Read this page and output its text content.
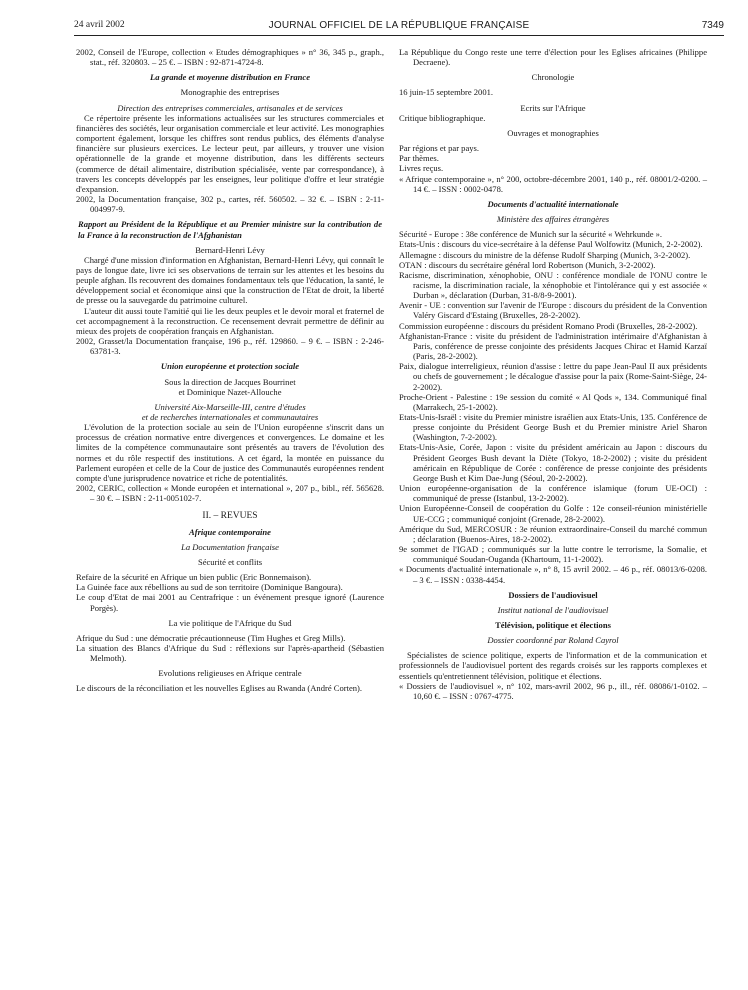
24 avril 2002	JOURNAL OFFICIEL DE LA RÉPUBLIQUE FRANÇAISE	7349

2002, Conseil de l'Europe, collection « Etudes démographiques » n° 36, 345 p., graph., stat., réf. 320803. – 25 €. – ISBN : 92-871-4724-8.

La grande et moyenne distribution en France

Monographie des entreprises

Direction des entreprises commerciales, artisanales et de services

Ce répertoire présente les informations actualisées sur les structures commerciales et financières des sociétés, leur organisation commerciale et leur activité. Les monographies comportent également, lorsque les chiffres sont rendus publics, des éléments d'analyse financière sur plusieurs exercices. Le lecteur peut, par ailleurs, y trouver une vision opérationnelle de la grande et moyenne distribution, dans les différents secteurs (commerce de détail alimentaire, distribution spécialisée, vente par correspondance), à travers les concepts développés par les enseignes, leur politique d'offre et leur stratégie d'expansion.

2002, la Documentation française, 302 p., cartes, réf. 560502. – 32 €. – ISBN : 2-11-004997-9.

Rapport au Président de la République et au Premier ministre sur la contribution de la France à la reconstruction de l'Afghanistan

Bernard-Henri Lévy

Chargé d'une mission d'information en Afghanistan, Bernard-Henri Lévy, qui connaît le pays de longue date, livre ici ses observations de terrain sur les attentes et les besoins du peuple afghan. Ils recouvrent des domaines fondamentaux tels que l'éducation, la santé, le développement social et économique ainsi que la construction de l'Etat de droit, la liberté de presse ou la sauvegarde du patrimoine culturel.

L'auteur dit aussi toute l'amitié qui lie les deux peuples et le devoir moral et fraternel de cet accompagnement à la reconstruction. Ce recensement devrait permettre de définir au mieux des projets de coopération français en Afghanistan.

2002, Grasset/la Documentation française, 196 p., réf. 129860. – 9 €. – ISBN : 2-246-63781-3.

Union européenne et protection sociale

Sous la direction de Jacques Bourrinet

et Dominique Nazet-Allouche

Université Aix-Marseille-III, centre d'études

et de recherches internationales et communautaires

L'évolution de la protection sociale au sein de l'Union européenne s'inscrit dans un processus de création normative entre divergences et convergences. Le domaine et les limites de la compétence communautaire sont présentés au travers de l'évolution des normes et du rôle respectif des institutions. A cet égard, la montée en puissance du Parlement européen et celle de la Cour de justice des Communautés européennes rendent compte d'une jurisprudence novatrice et riche de potentialités.

2002, CERIC, collection « Monde européen et international », 207 p., bibl., réf. 565628. – 30 €. – ISBN : 2-11-005102-7.

II. – REVUES

Afrique contemporaine

La Documentation française

Sécurité et conflits

Refaire de la sécurité en Afrique un bien public (Eric Bonnemaison).

La Guinée face aux rébellions au sud de son territoire (Dominique Bangoura).

Le coup d'Etat de mai 2001 au Centrafrique : un événement presque ignoré (Laurence Porgès).

La vie politique de l'Afrique du Sud

Afrique du Sud : une démocratie précautionneuse (Tim Hughes et Greg Mills).

La situation des Blancs d'Afrique du Sud : réflexions sur l'après-apartheid (Sébastien Melmoth).

Evolutions religieuses en Afrique centrale

Le discours de la réconciliation et les nouvelles Eglises au Rwanda (André Corten).

La République du Congo reste une terre d'élection pour les Eglises africaines (Philippe Decraene).

Chronologie

16 juin-15 septembre 2001.

Ecrits sur l'Afrique

Critique bibliographique.

Ouvrages et monographies

Par régions et par pays.

Par thèmes.

Livres reçus.

« Afrique contemporaine », n° 200, octobre-décembre 2001, 140 p., réf. 08001/2-0200. – 14 €. – ISSN : 0002-0478.

Documents d'actualité internationale

Ministère des affaires étrangères

Sécurité - Europe : 38e conférence de Munich sur la sécurité « Wehrkunde ».

Etats-Unis : discours du vice-secrétaire à la défense Paul Wolfowitz (Munich, 2-2-2002).

Allemagne : discours du ministre de la défense Rudolf Sharping (Munich, 3-2-2002).

OTAN : discours du secrétaire général lord Robertson (Munich, 3-2-2002).

Racisme, discrimination, xénophobie, ONU : conférence mondiale de l'ONU contre le racisme, la discrimination raciale, la xénophobie et l'intolérance qui y est associée « Durban », déclaration (Durban, 31-8/8-9-2001).

Avenir - UE : convention sur l'avenir de l'Europe : discours du président de la Convention Valéry Giscard d'Estaing (Bruxelles, 28-2-2002).

Commission européenne : discours du président Romano Prodi (Bruxelles, 28-2-2002).

Afghanistan-France : visite du président de l'administration intérimaire d'Afghanistan à Paris, conférence de presse conjointe des présidents Jacques Chirac et Hamid Karzaï (Paris, 28-2-2002).

Paix, dialogue interreligieux, réunion d'assise : lettre du pape Jean-Paul II aux présidents ou chefs de gouvernement ; le décalogue d'assise pour la paix (Rome-Saint-Siège, 24-2-2002).

Proche-Orient - Palestine : 19e session du comité « Al Qods », 134. Communiqué final (Marrakech, 25-1-2002).

Etats-Unis-Israël : visite du Premier ministre israélien aux Etats-Unis, 135. Conférence de presse conjointe du Président George Bush et du Premier ministre Ariel Sharon (Washington, 7-2-2002).

Etats-Unis-Asie, Corée, Japon : visite du président américain au Japon : discours du Président Georges Bush devant la Diète (Tokyo, 18-2-2002) ; visite du président américain en République de Corée : conférence de presse conjointe des présidents George Bush et Kim Dae-Jung (Séoul, 20-2-2002).

Union européenne-organisation de la conférence islamique (forum UE-OCI) : communiqué de presse (Istanbul, 13-2-2002).

Union Européenne-Conseil de coopération du Golfe : 12e conseil-réunion ministérielle UE-CCG ; communiqué conjoint (Grenade, 28-2-2002).

Amérique du Sud, MERCOSUR : 3e réunion extraordinaire-Conseil du marché commun ; déclaration (Buenos-Aires, 18-2-2002).

9e sommet de l'IGAD ; communiqués sur la lutte contre le terrorisme, la Somalie, et communiqué Soudan-Ouganda (Khartoum, 11-1-2002).

« Documents d'actualité internationale », n° 8, 15 avril 2002. – 46 p., réf. 08013/6-0208. – 3 €. – ISSN : 0338-4454.

Dossiers de l'audiovisuel

Institut national de l'audiovisuel

Télévision, politique et élections

Dossier coordonné par Roland Cayrol

Spécialistes de science politique, experts de l'information et de la communication et professionnels de l'audiovisuel portent des regards croisés sur les rapports complexes et essentiels qu'entretiennent télévision, politique et élections.

« Dossiers de l'audiovisuel », n° 102, mars-avril 2002, 96 p., ill., réf. 08086/1-0102. – 10,60 €. – ISSN : 0767-4775.
